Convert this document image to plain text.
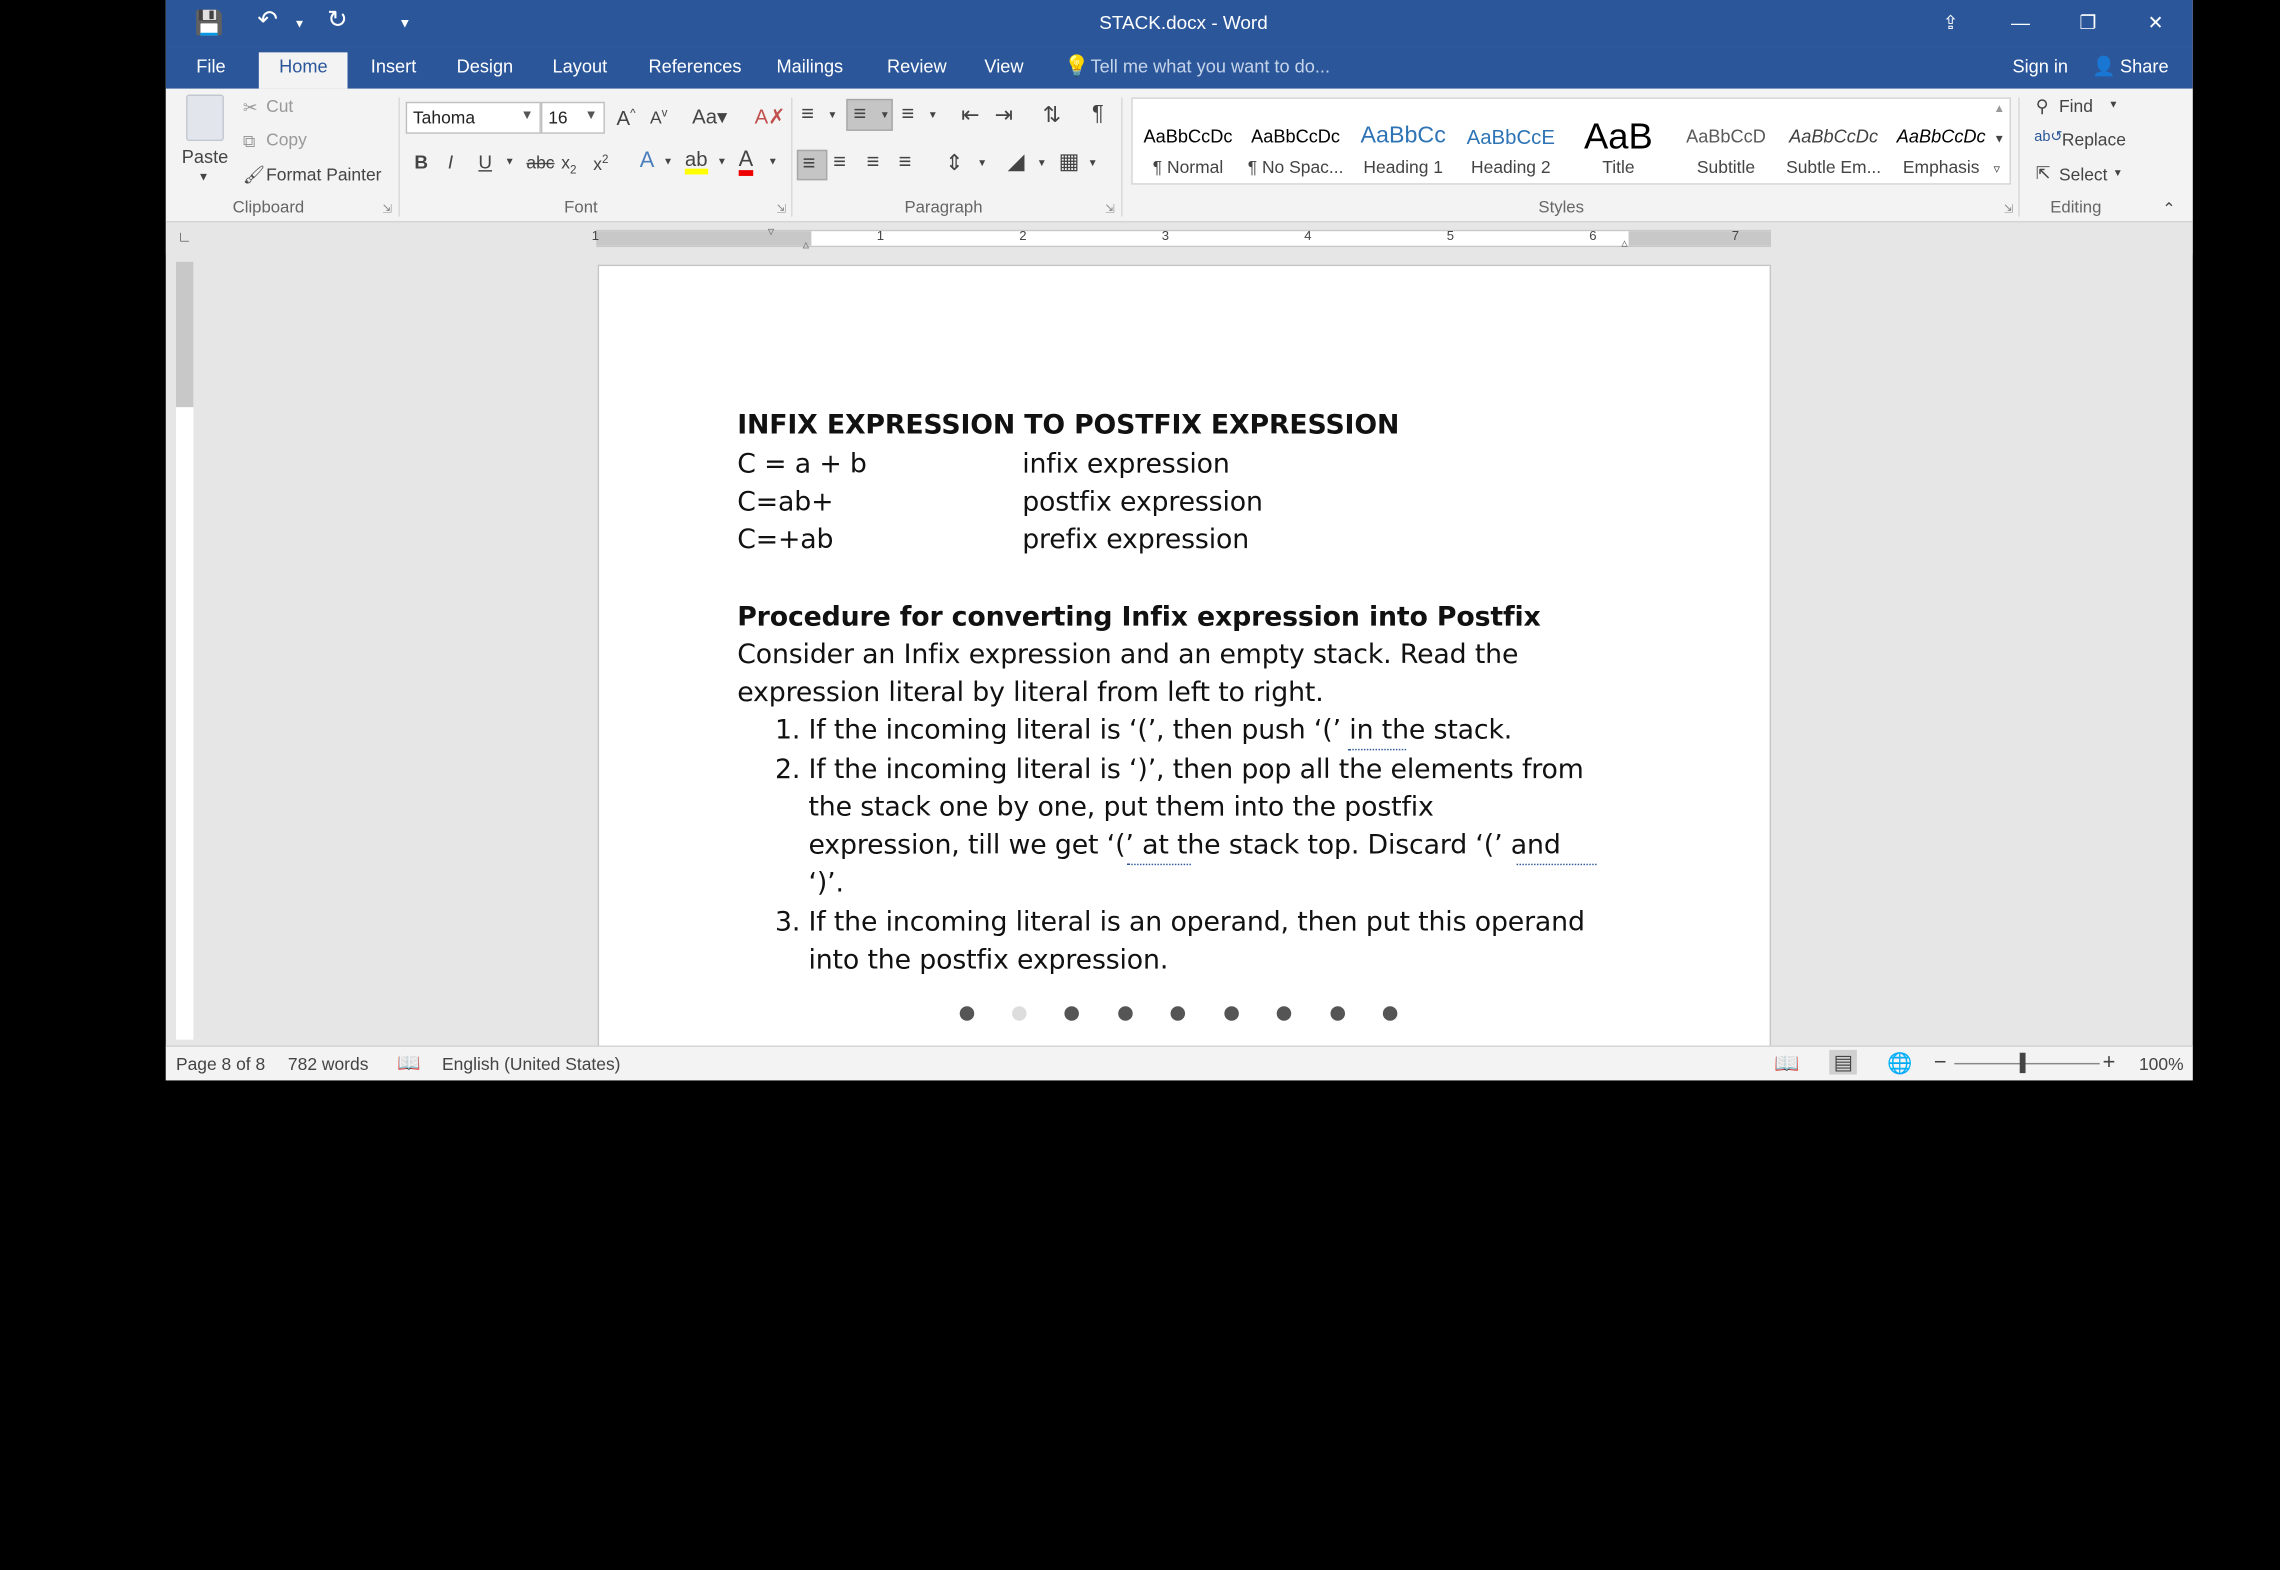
💾 ↶ ▼ ↻	▼	STACK.docx - Word	⇪	—	❐	✕
File	Home	Insert	Design	Layout	References	Mailings	Review	View	💡 Tell me what you want to do...	Sign in 👤 Share
Paste
▼
✂ Cut
⧉ Copy
🖌 Format Painter
Clipboard	⇲
Tahoma	▼	16 ▼ A^ $A^v$ Aa▾ A✗
B I U ▼ abc $x_2$ $x^2$ A ▼ ab ▼ A ▼
Font	⇲
≡ ▼ ≡ ▼ ≡ ▼ ⇤ ⇥ ⇅ ¶
≡ ≡ ≡ ≡ ⇕ ▼ ◢ ▼ ▦ ▼
Paragraph	⇲
AaBbCcDc
¶ Normal
AaBbCcDc
¶ No Spac...
AaBbCc
Heading 1
AaBbCcE
Heading 2
AaB
Title
AaBbCcD
Subtitle
AaBbCcDc
Subtle Em...
AaBbCcDc
Emphasis
▲
▼
▿
Styles	⇲
⚲ Find ▼
ab↺ Replace
⇱ Select ▼
Editing	⌃
∟	1	1	2	3	4	5	6	7
▿
▵	▵
INFIX EXPRESSION TO POSTFIX EXPRESSION
C = a + b	infix expression
C=ab+	postfix expression
C=+ab	prefix expression
Procedure for converting Infix expression into Postfix
Consider an Infix expression and an empty stack. Read the
expression literal by literal from left to right.
1. If the incoming literal is ‘(’, then push ‘(’ in the stack.
2. If the incoming literal is ‘)’, then pop all the elements from
the stack one by one, put them into the postfix
expression, till we get ‘(’ at the stack top. Discard ‘(’ and
‘)’.
3. If the incoming literal is an operand, then put this operand
into the postfix expression.
Page 8 of 8 782 words 📖 English (United States)	📖	▤	🌐 −	+ 100%
